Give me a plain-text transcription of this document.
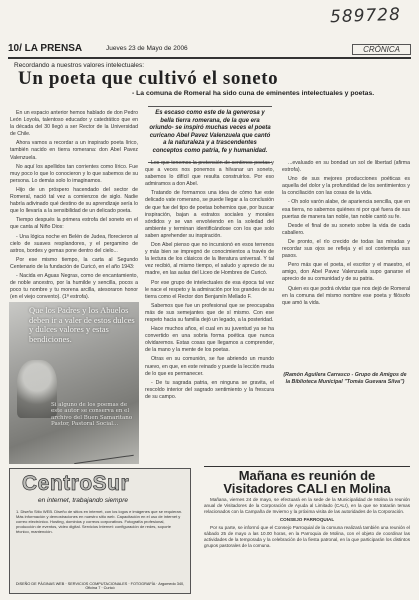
589728
10/ LA PRENSA	Jueves 23 de Mayo de 2006	CRÓNICA
Recordando a nuestros valores intelectuales:
Un poeta que cultivó el soneto
- La comuna de Romeral ha sido cuna de eminentes intelectuales y poetas.

En un espacio anterior hemos hablado de don Pedro León Loyola, talentoso educador y catedrático que en la década del 30 llegó a ser Rector de la Universidad de Chile.

Ahora vamos a recordar a un inspirado poeta lírico, también nacido en tierra romerana: don Abel Pavez Valenzuela.

No aquí los apellidos tan corrientes como lírico. Fue muy poco lo que lo conocieron y lo que sabemos de su persona. Lo demás solo lo imaginamos.

Hijo de un próspero hacendado del sector de Romeral, nació tal vez a comienzos de siglo. Nadie habría adivinado qué destino de su aprendizaje sería lo que lo llevaría a la sensibilidad de un delicado poeta.

Tiempo después la primera estrofa del soneto en el que canta al Niño Dios:

- Una lógica noche en Belén de Judea, florecieron al cielo de suaves resplandores, y el pergamino de astros, bordes y gemas pone dentro del cielo...

Por ese mismo tiempo, la carta al Segundo Centenario de la fundación de Curicó, en el año 1943:

- Nacida en Aguas Negras, como de encantamiento, de noble ancestro, por la humilde y sencilla, pocos a poco tu nombre y tu morena arcilla, atesoraron honor (en el viejo convento). (1ª estrofa).

Es escaso como este de la generosa y bella tierra romerana, de la que era oriundo- se inspiró muchas veces el poeta curicano Abel Pavez Valenzuela que cantó a la naturaleza y a trascendentes conceptos como patria, fe y humanidad.
Que los Padres y los Abuelos deben ir a valer de estos dulces y dulces valores y estas bendiciones.
Si alguno de los poemas de este autor se conserva en el archivo del Buen Samaritano Pastor, Pastoral Social...

Los que tenemos la pretensión de sentirnos poetas y que a veces nos ponemos a hilvanar un soneto, sabemos lo difícil que resulta construirlos. Por eso admiramos a don Abel.

Tratando de formarnos una idea de cómo fue este delicado vate romerano, se puede llegar a la conclusión de que fue del tipo de poetas bohemios que, por buscar inspiración, bajan a estratos sociales y morales sórdidos y se van envolviendo en la soledad del ambiente y terminan identificándose con los que solo saben aprehender su inspiración.

Don Abel pienso que no incursionó en esos terrenos y más bien se impregnó de conocimientos a través de la lectura de los clásicos de la literatura universal. Y tal vez recibió, al mismo tiempo, el saludo y aprecio de su madre, en las aulas del Liceo de Hombres de Curicó.

Por ese grupo de intelectuales de esa época tal vez le nace el respeto y la admiración por los grandes de su tierra como el Rector don Benjamín Mellado F.

Sabemos que fue un profesional que se preocupaba más de sus semejantes que de sí mismo. Con ese respeto hacia su familia dejó un legado, a la posteridad.

Hace muchos años, el cual en su juventud ya se ha convertido en una sobria forma poética que nunca olvidaremos. Estas cosas que llegamos a comprender, de la mano y la mente de los poetas.

Otras en su comunión, se fue abriendo un mundo nuevo, en que, en este reinado y puede la lección muda de lo que es permanecer.

- De tu sagrada patria, en ninguna se gravita, el rescoldo interior del sagrado sentimiento y la frescura de su campo.

...evaluado en su bondad un sol de libertad (afirma estrofa).

Uno de sus mejores producciones poéticas es aquella del dolor y la profundidad de los sentimientos y la conciliación con las cosas de la vida.

- Oh solo varón alabe, de apariencia sencilla, que en esa tierra, no sabemos quiénes ni por qué fuera de sus puertas de manera tan noble, tan noble cantó su fe.

Desde el final de su soneto sobre la vida de cada caballero.

De pronto, el río crecido de todas las miradas y recordar sus ojos se refleja y el sol contempla sus pasos.

Pero más que el poeta, el escritor y el maestro, el amigo, don Abel Pavez Valenzuela supo ganarse el aprecio de su comunidad y de su patria.

Quien es que podrá olvidar que nos dejó de Romeral en la comuna del mismo nombre ese poeta y filósofo que amó la vida.

(Ramón Aguilera Carrasco - Grupo de Amigos de la Biblioteca Municipal "Tomás Guevara Silva")
CentroSur
en internet, trabajando siempre
1. Diseño Sitio WEB. Diseño de sitios en internet, con los logos e imágenes que se requieran. Más información y demostraciones en nuestro sitio web. Capacitación en el uso de internet y correo electrónico. Hosting, dominios y correos corporativos. Fotografía profesional, producción de eventos, video digital. Servicios Internet: configuración de redes, soporte técnico, mantención.
DISEÑO DE PÁGINAS WEB · SERVICIOS COMPUTACIONALES · FOTOGRAFÍA · Argomedo 340, Oficina 7 · Curicó
Mañana es reunión de Visitadores CALI en Molina

Mañana, viernes 24 de mayo, se efectuará en la sede de la Municipalidad de Molina la reunión anual de Visitadores de la Corporación de Ayuda al Limitado (CALI), en la que se tratarán temas relacionados con la Campaña de Invierno y la próxima visita de las autoridades de la Corporación.

CONSEJO PARROQUIAL

Por su parte, se informó que el Consejo Parroquial de la comuna realizará también una reunión el sábado 25 de mayo a las 10.00 horas, en la Parroquia de Molina, con el objeto de coordinar las actividades de la temporada y la celebración de la fiesta patronal, en la que participarán los distintos grupos pastorales de la comuna.
